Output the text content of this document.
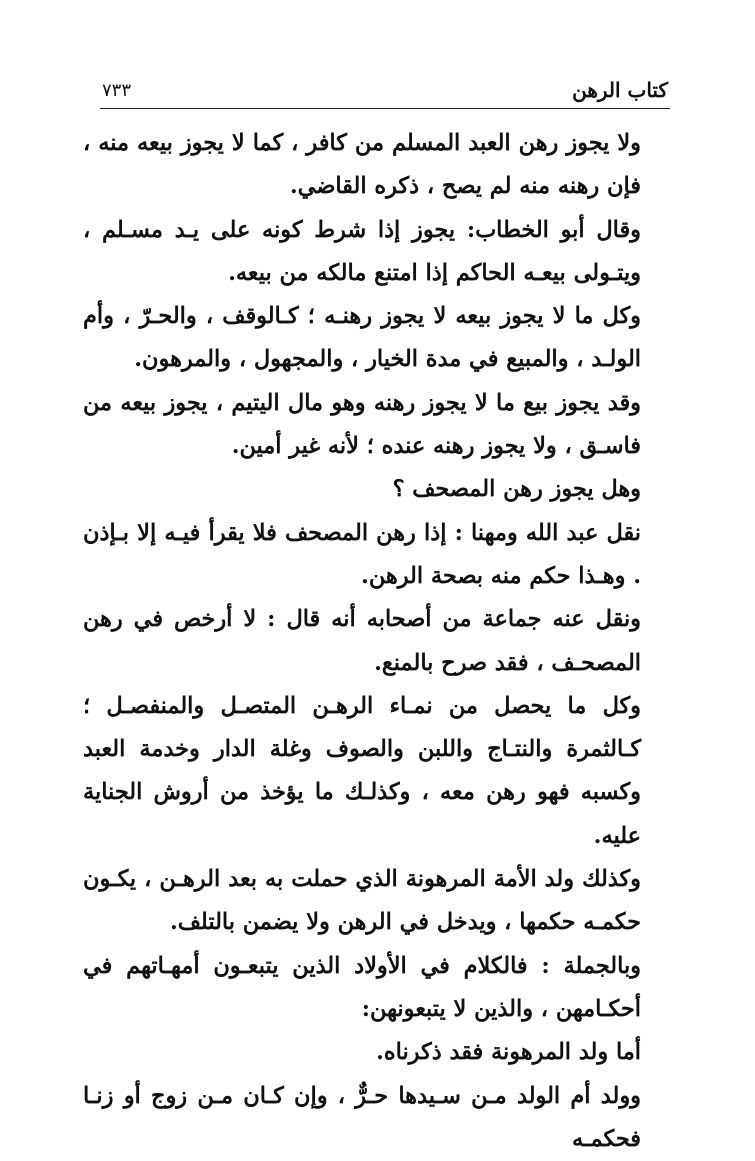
كتاب الرهن
٧٣٣

ولا يجوز رهن العبد المسلم من كافر ، كما لا يجوز بيعه منه ، فإن رهنه منه لم يصح ، ذكره القاضي.

وقال أبو الخطاب: يجوز إذا شرط كونه على يـد مسـلم ، ويتـولى بيعـه الحاكم إذا امتنع مالكه من بيعه.

وكل ما لا يجوز بيعه لا يجوز رهنـه ؛ كـالوقف ، والحـرّ ، وأم الولـد ، والمبيع في مدة الخيار ، والمجهول ، والمرهون.

وقد يجوز بيع ما لا يجوز رهنه وهو مال اليتيم ، يجوز بيعه من فاسـق ، ولا يجوز رهنه عنده ؛ لأنه غير أمين.

وهل يجوز رهن المصحف ؟

نقل عبد الله ومهنا : إذا رهن المصحف فلا يقرأ فيـه إلا بـإذن . وهـذا حكم منه بصحة الرهن.

ونقل عنه جماعة من أصحابه أنه قال : لا أرخص في رهن المصحـف ، فقد صرح بالمنع.

وكل ما يحصل من نمـاء الرهـن المتصـل والمنفصـل ؛ كـالثمرة والنتـاج واللبن والصوف وغلة الدار وخدمة العبد وكسبه فهو رهن معه ، وكذلـك ما يؤخذ من أروش الجناية عليه.

وكذلك ولد الأمة المرهونة الذي حملت به بعد الرهـن ، يكـون حكمـه حكمها ، ويدخل في الرهن ولا يضمن بالتلف.

وبالجملة : فالكلام في الأولاد الذين يتبعـون أمهـاتهم في أحكـامهن ، والذين لا يتبعونهن:

أما ولد المرهونة فقد ذكرناه.

وولد أم الولد مـن سـيدها حـرٌّ ، وإن كـان مـن زوج أو زنـا فحكمـه
